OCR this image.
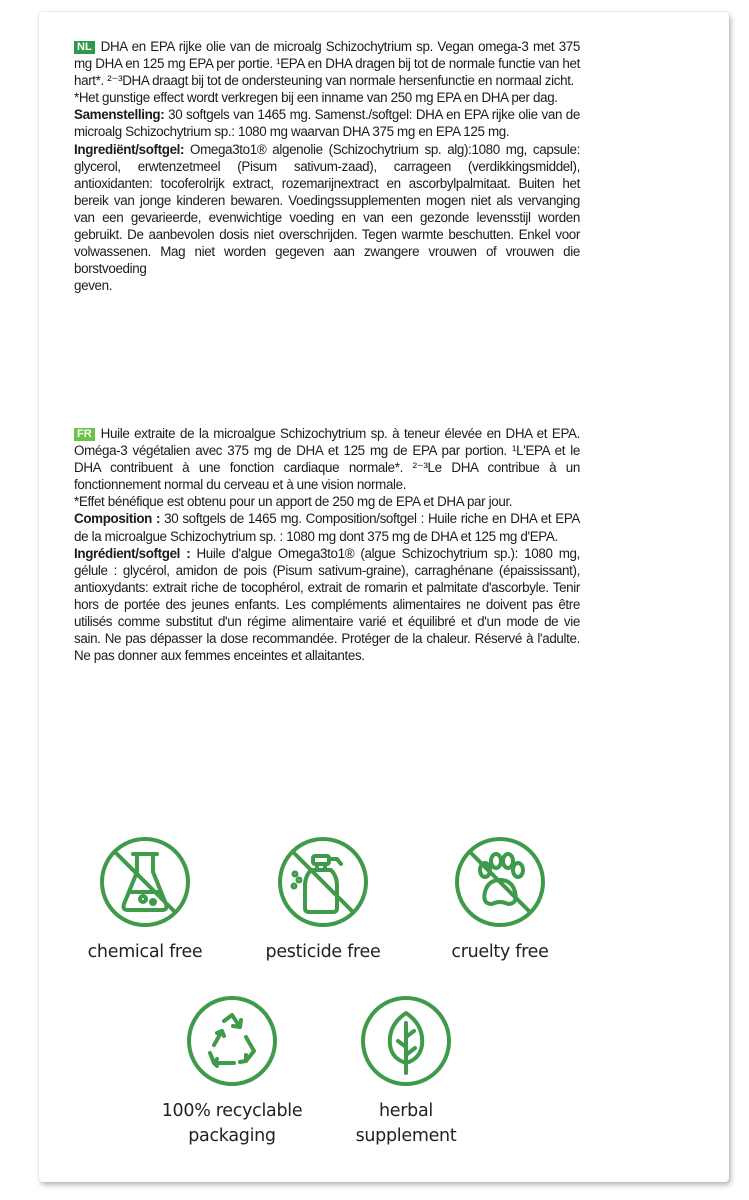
NL DHA en EPA rijke olie van de microalg Schizochytrium sp. Vegan omega-3 met 375 mg DHA en 125 mg EPA per portie. ¹EPA en DHA dragen bij tot de normale functie van het hart*. ²⁻³DHA draagt bij tot de ondersteuning van normale hersenfunctie en normaal zicht.

*Het gunstige effect wordt verkregen bij een inname van 250 mg EPA en DHA per dag.

Samenstelling: 30 softgels van 1465 mg. Samenst./softgel: DHA en EPA rijke olie van de microalg Schizochytrium sp.: 1080 mg waarvan DHA 375 mg en EPA 125 mg.

Ingrediënt/softgel: Omega3to1® algenolie (Schizochytrium sp. alg):1080 mg, capsule: glycerol, erwtenzetmeel (Pisum sativum-zaad), carrageen (verdikkingsmiddel), antioxidanten: tocoferolrijk extract, rozemarijnextract en ascorbylpalmitaat. Buiten het bereik van jonge kinderen bewaren. Voedingssupplementen mogen niet als vervanging van een gevarieerde, evenwichtige voeding en van een gezonde levensstijl worden gebruikt. De aanbevolen dosis niet overschrijden. Tegen warmte beschutten. Enkel voor volwassenen. Mag niet worden gegeven aan zwangere vrouwen of vrouwen die borstvoeding

geven.

FR Huile extraite de la microalgue Schizochytrium sp. à teneur élevée en DHA et EPA. Oméga-3 végétalien avec 375 mg de DHA et 125 mg de EPA par portion. ¹L'EPA et le DHA contribuent à une fonction cardiaque normale*. ²⁻³Le DHA contribue à un fonctionnement normal du cerveau et à une vision normale.

*Effet bénéfique est obtenu pour un apport de 250 mg de EPA et DHA par jour.

Composition : 30 softgels de 1465 mg. Composition/softgel : Huile riche en DHA et EPA de la microalgue Schizochytrium sp. : 1080 mg dont 375 mg de DHA et 125 mg d'EPA.

Ingrédient/softgel : Huile d'algue Omega3to1® (algue Schizochytrium sp.): 1080 mg, gélule : glycérol, amidon de pois (Pisum sativum-graine), carraghénane (épaississant), antioxydants: extrait riche de tocophérol, extrait de romarin et palmitate d'ascorbyle. Tenir hors de portée des jeunes enfants. Les compléments alimentaires ne doivent pas être utilisés comme substitut d'un régime alimentaire varié et équilibré et d'un mode de vie sain. Ne pas dépasser la dose recommandée. Protéger de la chaleur. Réservé à l'adulte. Ne pas donner aux femmes enceintes et allaitantes.

chemical free	pesticide free	cruelty free
100% recyclable
packaging
herbal
supplement
